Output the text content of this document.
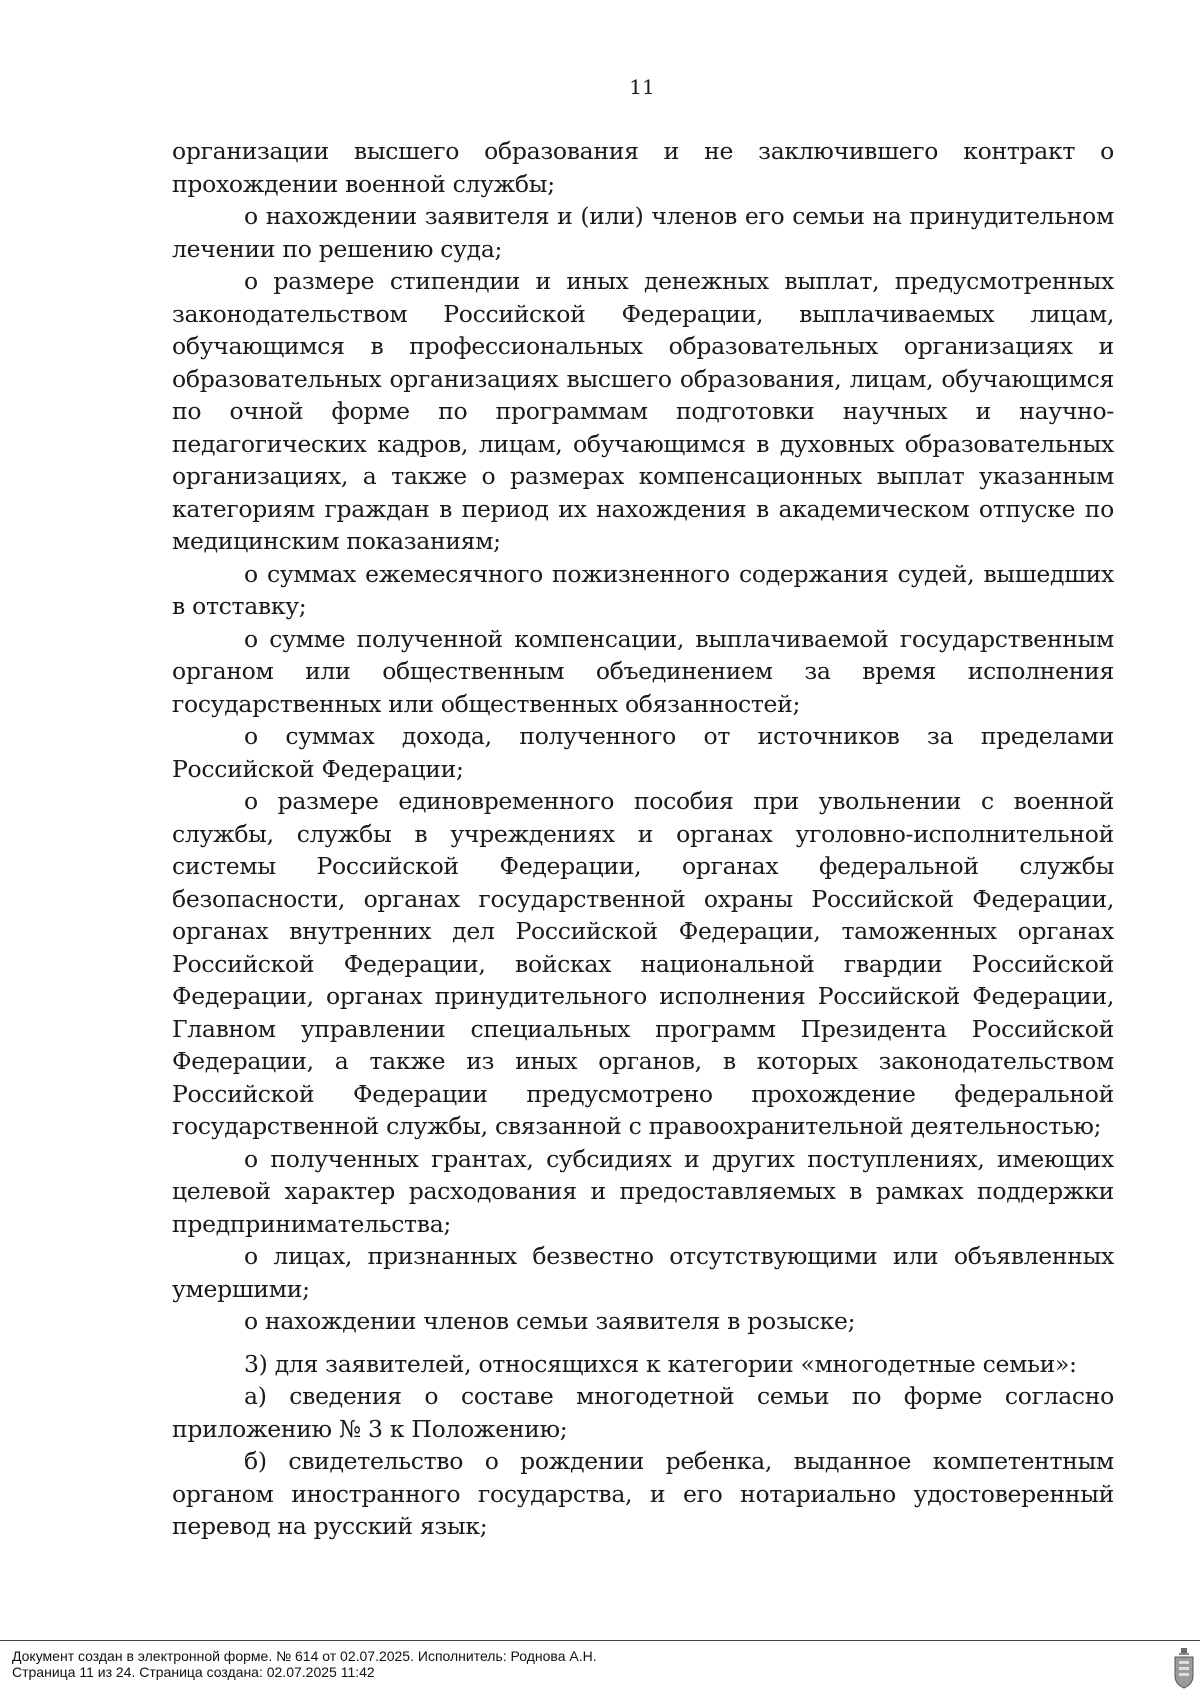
11

организации высшего образования и не заключившего контракт о прохождении военной службы;

о нахождении заявителя и (или) членов его семьи на принудительном лечении по решению суда;

о размере стипендии и иных денежных выплат, предусмотренных законодательством Российской Федерации, выплачиваемых лицам, обучающимся в профессиональных образовательных организациях и образовательных организациях высшего образования, лицам, обучающимся по очной форме по программам подготовки научных и научно-педагогических кадров, лицам, обучающимся в духовных образовательных организациях, а также о размерах компенсационных выплат указанным категориям граждан в период их нахождения в академическом отпуске по медицинским показаниям;

о суммах ежемесячного пожизненного содержания судей, вышедших в отставку;

о сумме полученной компенсации, выплачиваемой государственным органом или общественным объединением за время исполнения государственных или общественных обязанностей;

о суммах дохода, полученного от источников за пределами Российской Федерации;

о размере единовременного пособия при увольнении с военной службы, службы в учреждениях и органах уголовно-исполнительной системы Российской Федерации, органах федеральной службы безопасности, органах государственной охраны Российской Федерации, органах внутренних дел Российской Федерации, таможенных органах Российской Федерации, войсках национальной гвардии Российской Федерации, органах принудительного исполнения Российской Федерации, Главном управлении специальных программ Президента Российской Федерации, а также из иных органов, в которых законодательством Российской Федерации предусмотрено прохождение федеральной государственной службы, связанной с правоохранительной деятельностью;

о полученных грантах, субсидиях и других поступлениях, имеющих целевой характер расходования и предоставляемых в рамках поддержки предпринимательства;

о лицах, признанных безвестно отсутствующими или объявленных умершими;

о нахождении членов семьи заявителя в розыске;

3) для заявителей, относящихся к категории «многодетные семьи»:

а) сведения о составе многодетной семьи по форме согласно приложению № 3 к Положению;

б) свидетельство о рождении ребенка, выданное компетентным органом иностранного государства, и его нотариально удостоверенный перевод на русский язык;

Документ создан в электронной форме. № 614 от 02.07.2025. Исполнитель: Роднова А.Н.
Страница 11 из 24. Страница создана: 02.07.2025 11:42
